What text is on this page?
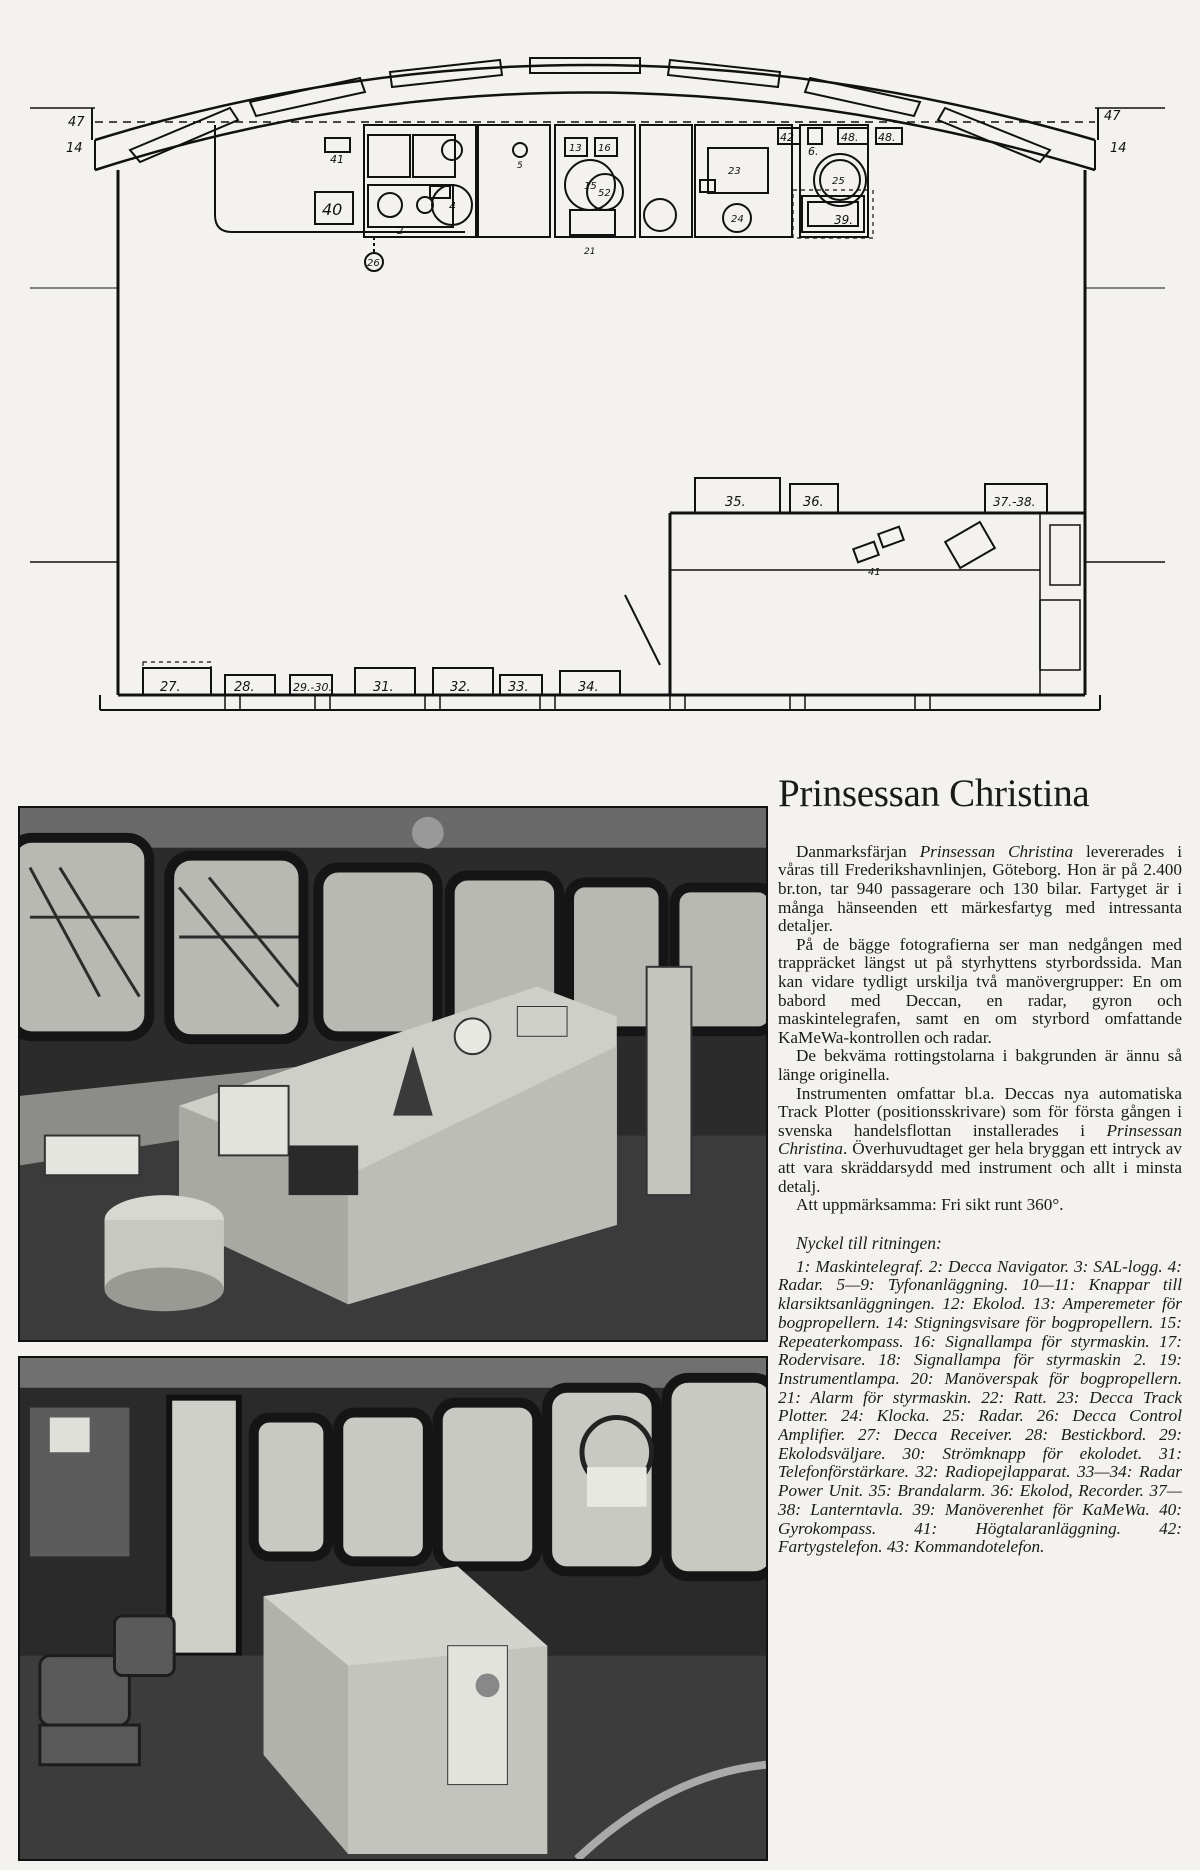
47
14
47
14
41
40
26
2
4
5
52
13 16
15
21
23
24
25
42
6.
48. 48.
39.
35.	36.	37.-38.
41
27.	28.	29.-30.	31.	32.	33.	34.
Prinsessan Christina

Danmarksfärjan Prinsessan Christina levererades i våras till Frederikshavnlinjen, Göteborg. Hon är på 2.400 br.ton, tar 940 passagerare och 130 bilar. Fartyget är i många hänseenden ett märkesfartyg med intressanta detaljer.

På de bägge fotografierna ser man nedgången med trappräcket längst ut på styrhyttens styrbordssida. Man kan vidare tydligt urskilja två manövergrupper: En om babord med Deccan, en radar, gyron och maskintelegrafen, samt en om styrbord omfattande KaMeWa-kontrollen och radar.

De bekväma rottingstolarna i bakgrunden är ännu så länge originella.

Instrumenten omfattar bl.a. Deccas nya automatiska Track Plotter (positionsskrivare) som för första gången i svenska handelsflottan installerades i Prinsessan Christina. Överhuvudtaget ger hela bryggan ett intryck av att vara skräddarsydd med instrument och allt i minsta detalj.

Att uppmärksamma: Fri sikt runt 360°.

Nyckel till ritningen:
1: Maskintelegraf. 2: Decca Navigator. 3: SAL-logg. 4: Radar. 5—9: Tyfonanläggning. 10—11: Knappar till klarsiktsanläggningen. 12: Ekolod. 13: Amperemeter för bogpropellern. 14: Stigningsvisare för bogpropellern. 15: Repeaterkompass. 16: Signallampa för styrmaskin. 17: Rodervisare. 18: Signallampa för styrmaskin 2. 19: Instrumentlampa. 20: Manöverspak för bogpropellern. 21: Alarm för styrmaskin. 22: Ratt. 23: Decca Track Plotter. 24: Klocka. 25: Radar. 26: Decca Control Amplifier. 27: Decca Receiver. 28: Bestickbord. 29: Ekolodsväljare. 30: Strömknapp för ekolodet. 31: Telefonförstärkare. 32: Radiopejlapparat. 33—34: Radar Power Unit. 35: Brandalarm. 36: Ekolod, Recorder. 37—38: Lanterntavla. 39: Manöverenhet för KaMeWa. 40: Gyrokompass. 41: Högtalaranläggning. 42: Fartygstelefon. 43: Kommandotelefon.
